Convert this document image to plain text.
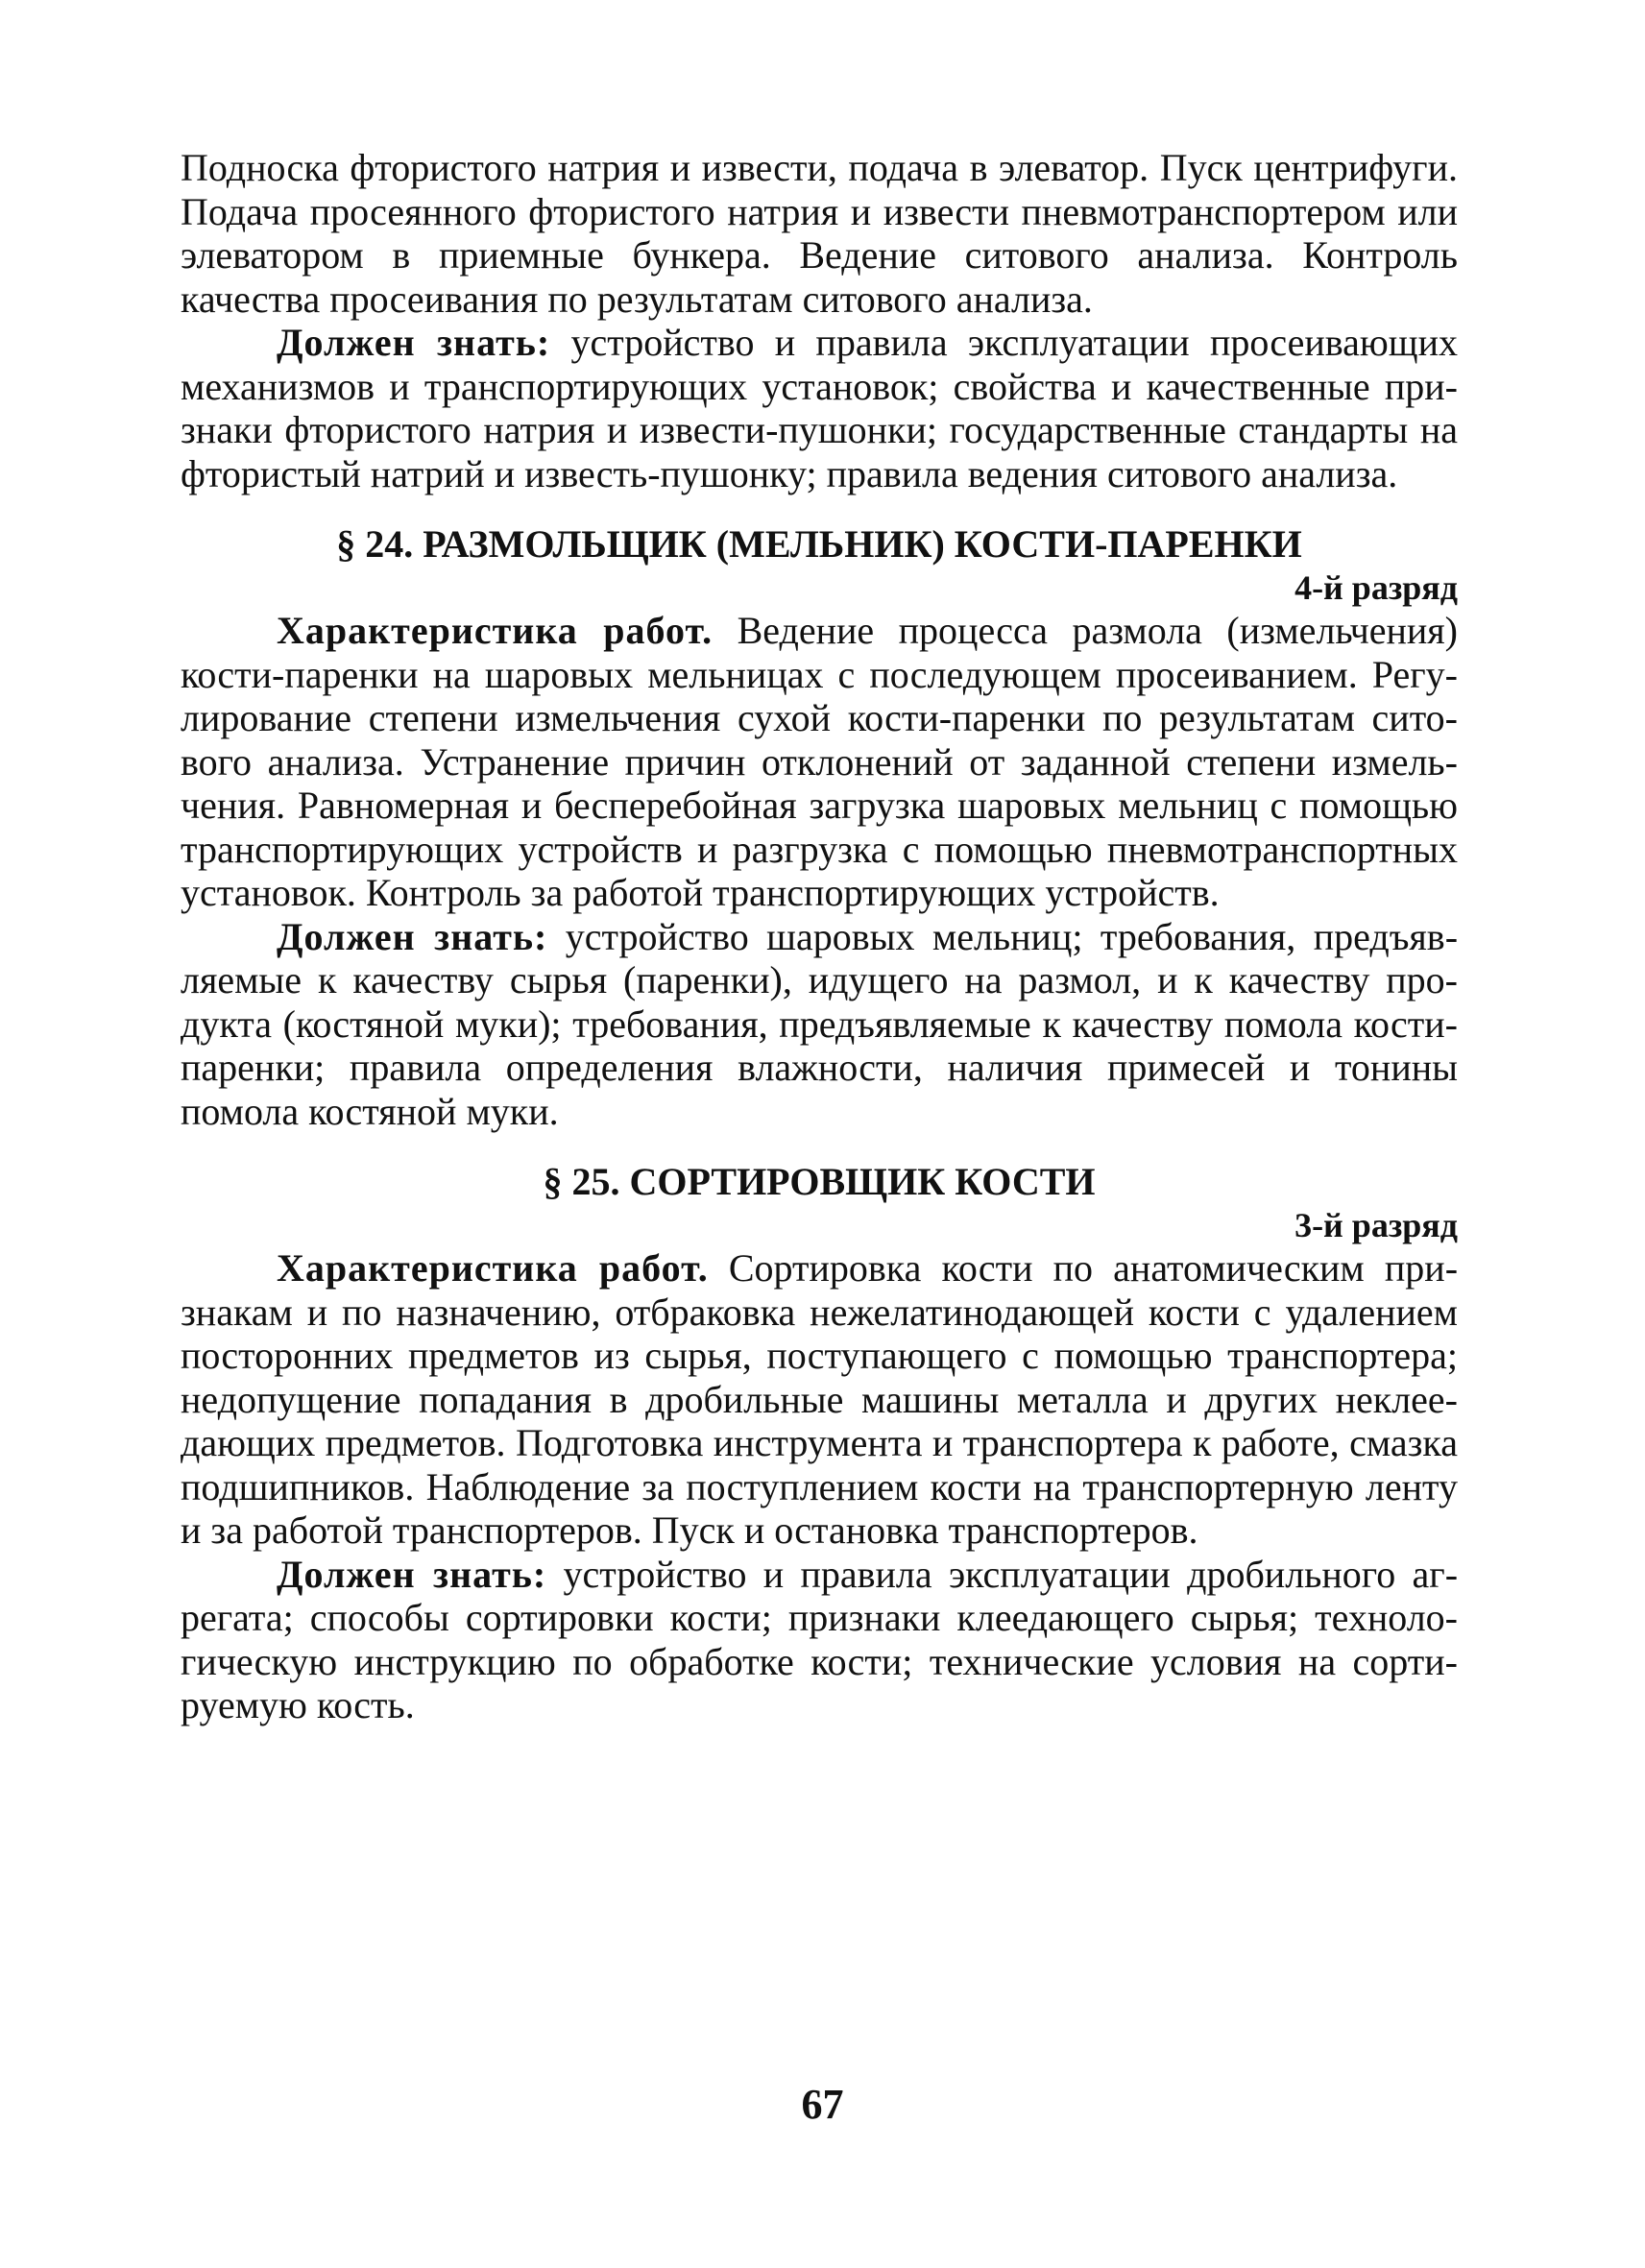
Подноска фтористого натрия и извести, подача в элеватор. Пуск центрифуги. Подача просеянного фтористого натрия и извести пневмотранспортером или элеватором в приемные бункера. Ведение ситового анализа. Контроль качества просеивания по результатам ситового анализа.

Должен знать: устройство и правила эксплуатации просеивающих механизмов и транспортирующих установок; свойства и качественные признаки фтористого натрия и извести-пушонки; государственные стандарты на фтористый натрий и известь-пушонку; правила ведения ситового анализа.

§ 24. РАЗМОЛЬЩИК (МЕЛЬНИК) КОСТИ-ПАРЕНКИ

4-й разряд

Характеристика работ. Ведение процесса размола (измельчения) кости-паренки на шаровых мельницах с последующем просеиванием. Регулирование степени измельчения сухой кости-паренки по результатам ситового анализа. Устранение причин отклонений от заданной степени измельчения. Равномерная и бесперебойная загрузка шаровых мельниц с помощью транспортирующих устройств и разгрузка с помощью пневмотранспортных установок. Контроль за работой транспортирующих устройств.

Должен знать: устройство шаровых мельниц; требования, предъявляемые к качеству сырья (паренки), идущего на размол, и к качеству продукта (костяной муки); требования, предъявляемые к качеству помола кости-паренки; правила определения влажности, наличия примесей и тонины помола костяной муки.

§ 25. СОРТИРОВЩИК КОСТИ

3-й разряд

Характеристика работ. Сортировка кости по анатомическим признакам и по назначению, отбраковка нежелатинодающей кости с удалением посторонних предметов из сырья, поступающего с помощью транспортера; недопущение попадания в дробильные машины металла и других неклеедающих предметов. Подготовка инструмента и транспортера к работе, смазка подшипников. Наблюдение за поступлением кости на транспортерную ленту и за работой транспортеров. Пуск и остановка транспортеров.

Должен знать: устройство и правила эксплуатации дробильного агрегата; способы сортировки кости; признаки клеедающего сырья; технологическую инструкцию по обработке кости; технические условия на сортируемую кость.

67
